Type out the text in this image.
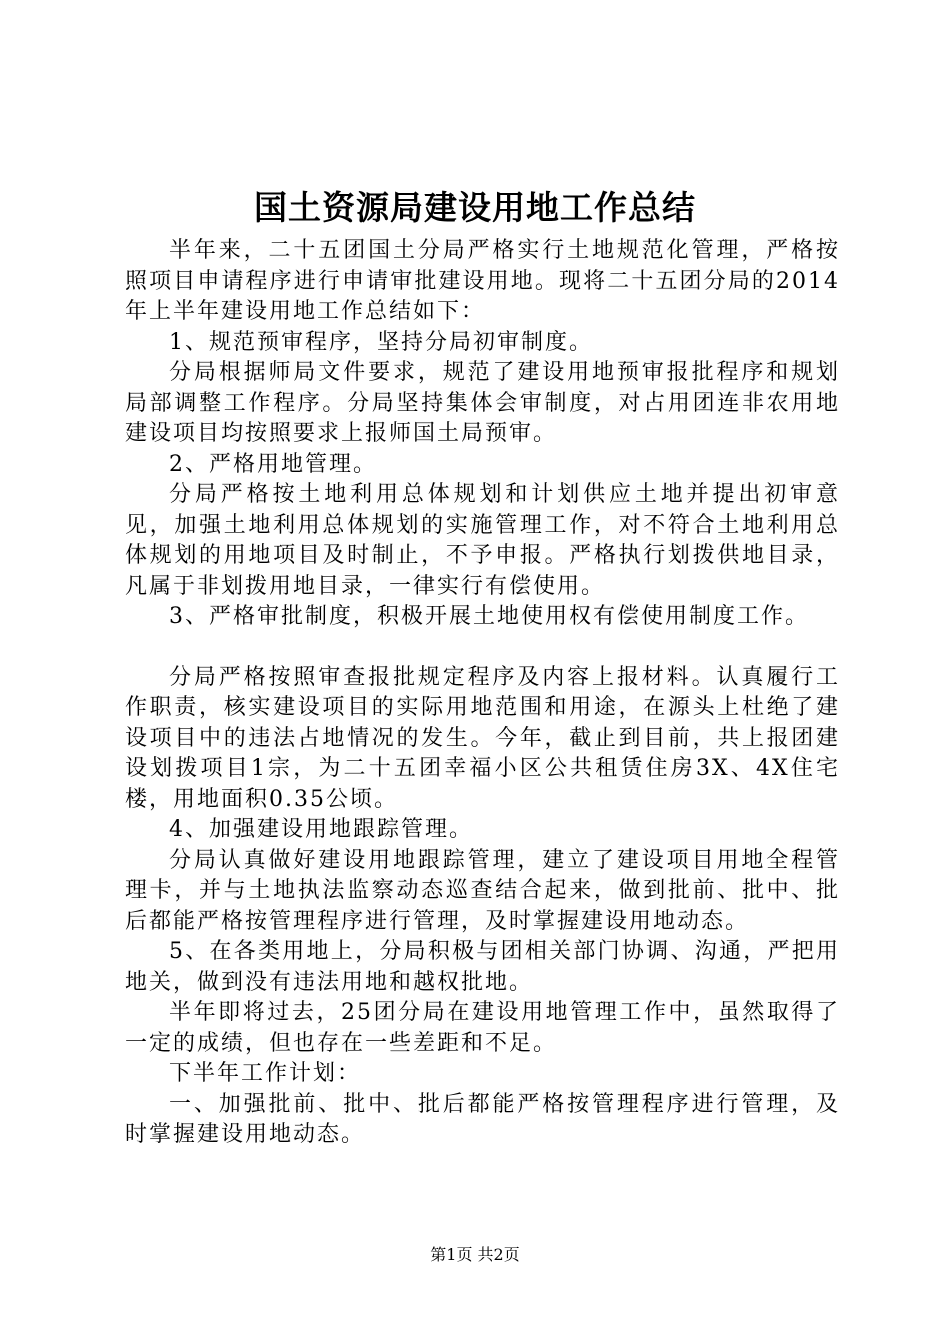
国土资源局建设用地工作总结

半年来，二十五团国土分局严格实行土地规范化管理，严格按照项目申请程序进行申请审批建设用地。现将二十五团分局的2014年上半年建设用地工作总结如下：

1、规范预审程序，坚持分局初审制度。

分局根据师局文件要求，规范了建设用地预审报批程序和规划局部调整工作程序。分局坚持集体会审制度，对占用团连非农用地建设项目均按照要求上报师国土局预审。

2、严格用地管理。

分局严格按土地利用总体规划和计划供应土地并提出初审意见，加强土地利用总体规划的实施管理工作，对不符合土地利用总体规划的用地项目及时制止，不予申报。严格执行划拨供地目录，凡属于非划拨用地目录，一律实行有偿使用。

3、严格审批制度，积极开展土地使用权有偿使用制度工作。

分局严格按照审查报批规定程序及内容上报材料。认真履行工作职责，核实建设项目的实际用地范围和用途，在源头上杜绝了建设项目中的违法占地情况的发生。今年，截止到目前，共上报团建设划拨项目1宗，为二十五团幸福小区公共租赁住房3X、4X住宅楼，用地面积0.35公顷。

4、加强建设用地跟踪管理。

分局认真做好建设用地跟踪管理，建立了建设项目用地全程管理卡，并与土地执法监察动态巡查结合起来，做到批前、批中、批后都能严格按管理程序进行管理，及时掌握建设用地动态。

5、在各类用地上，分局积极与团相关部门协调、沟通，严把用地关，做到没有违法用地和越权批地。

半年即将过去，25团分局在建设用地管理工作中，虽然取得了一定的成绩，但也存在一些差距和不足。

下半年工作计划：

一、加强批前、批中、批后都能严格按管理程序进行管理，及时掌握建设用地动态。

第1页 共2页
